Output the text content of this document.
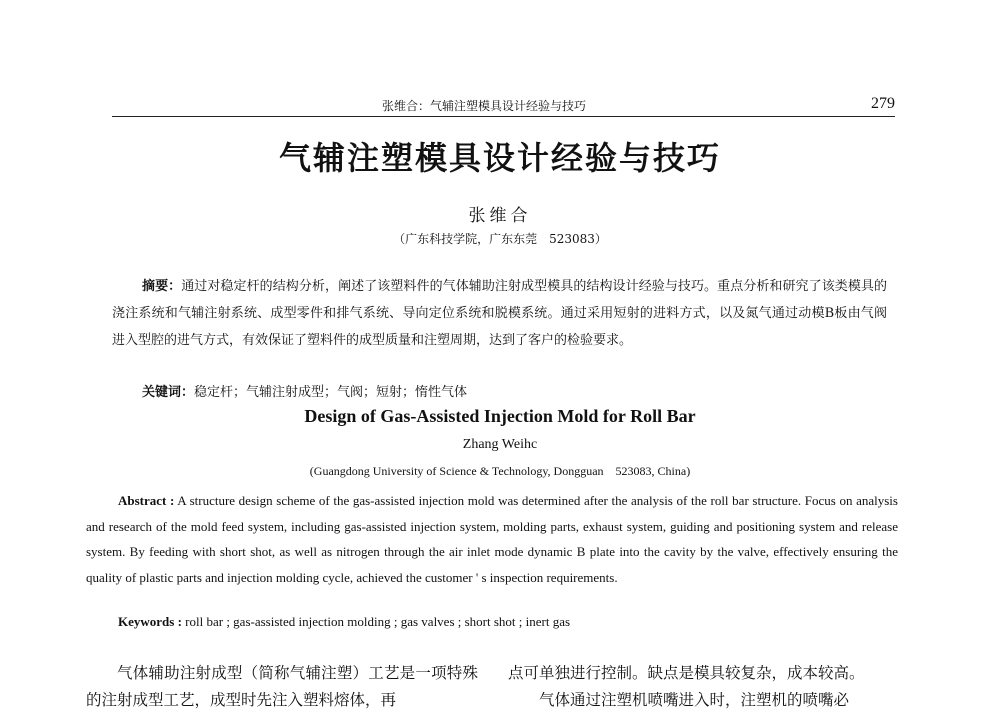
张维合：气辅注塑模具设计经验与技巧	279
气辅注塑模具设计经验与技巧
张维合
（广东科技学院，广东东莞　523083）
摘要：通过对稳定杆的结构分析，阐述了该塑料件的气体辅助注射成型模具的结构设计经验与技巧。重点分析和研究了该类模具的浇注系统和气辅注射系统、成型零件和排气系统、导向定位系统和脱模系统。通过采用短射的进料方式，以及氮气通过动模B板由气阀进入型腔的进气方式，有效保证了塑料件的成型质量和注塑周期，达到了客户的检验要求。
关键词：稳定杆；气辅注射成型；气阀；短射；惰性气体
Design of Gas-Assisted Injection Mold for Roll Bar
Zhang Weihc
(Guangdong University of Science & Technology, Dongguan　523083, China)
Abstract : A structure design scheme of the gas-assisted injection mold was determined after the analysis of the roll bar structure. Focus on analysis and research of the mold feed system, including gas-assisted injection system, molding parts, exhaust system, guiding and positioning system and release system. By feeding with short shot, as well as nitrogen through the air inlet mode dynamic B plate into the cavity by the valve, effectively ensuring the quality of plastic parts and injection molding cycle, achieved the customer ' s inspection requirements.
Keywords : roll bar ; gas-assisted injection molding ; gas valves ; short shot ; inert gas
气体辅助注射成型（简称气辅注塑）工艺是一项特殊的注射成型工艺，成型时先注入塑料熔体，再
点可单独进行控制。缺点是模具较复杂，成本较高。
气体通过注塑机喷嘴进入时，注塑机的喷嘴必
